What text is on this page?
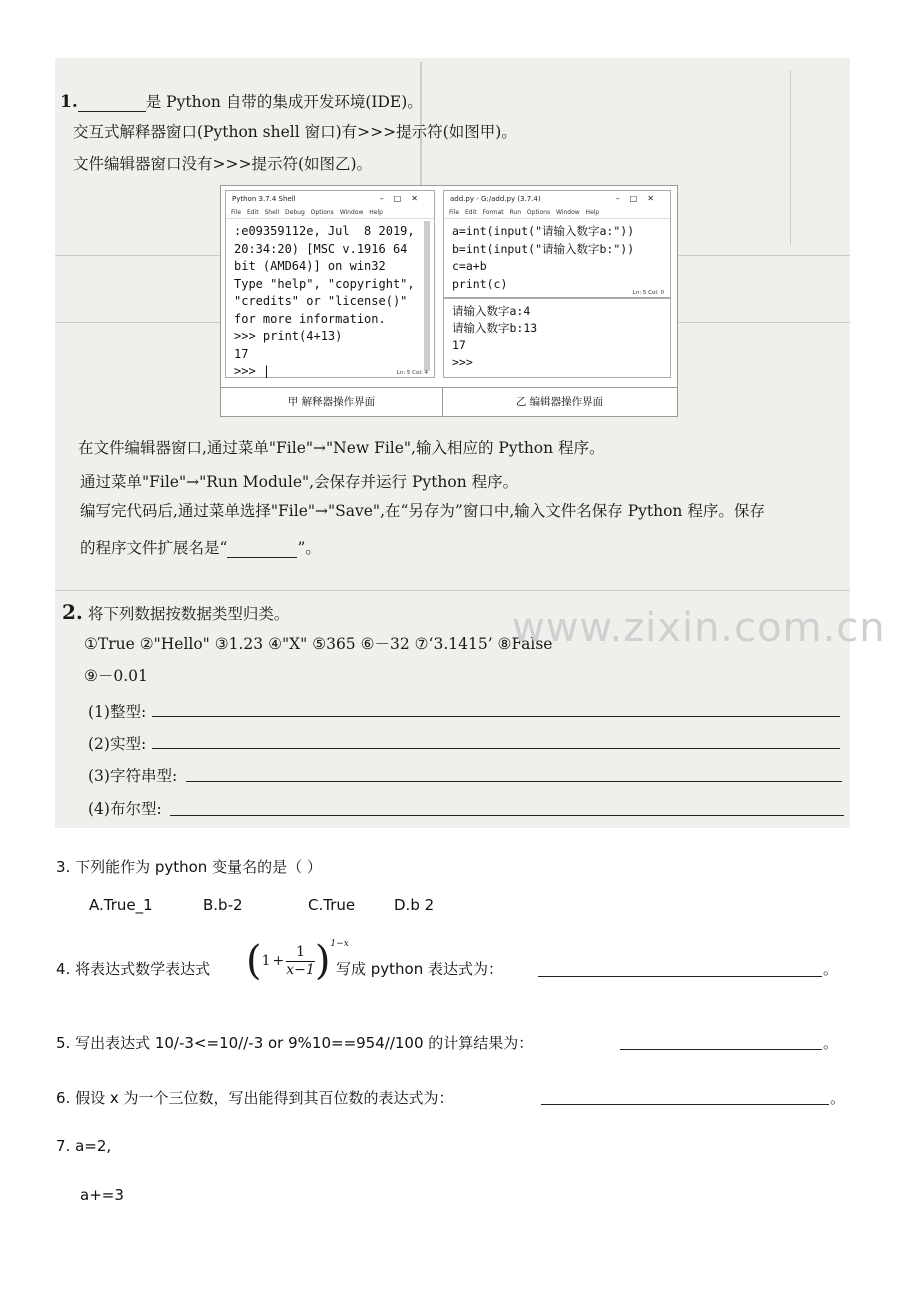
1.	是 Python 自带的集成开发环境(IDE)。
交互式解释器窗口(Python shell 窗口)有>>>提示符(如图甲)。
文件编辑器窗口没有>>>提示符(如图乙)。
Python 3.7.4 Shell	–□✕
File Edit Shell Debug Options Window Help
:e09359112e, Jul  8 2019,
20:34:20) [MSC v.1916 64
bit (AMD64)] on win32
Type "help", "copyright",
"credits" or "license()"
for more information.
>>> print(4+13)
17
>>> |	Ln: 5 Col: 4
甲 解释器操作界面
add.py - G:/add.py (3.7.4)	–□✕
File Edit Format Run Options Window Help
a=int(input("请输入数字a:"))
b=int(input("请输入数字b:"))
c=a+b
print(c)
Ln: 5 Col: 0
请输入数字a:4
请输入数字b:13
17
>>>
乙 编辑器操作界面
在文件编辑器窗口,通过菜单"File"→"New File",输入相应的 Python 程序。
通过菜单"File"→"Run Module",会保存并运行 Python 程序。
编写完代码后,通过菜单选择"File"→"Save",在“另存为”窗口中,输入文件名保存 Python 程序。保存
的程序文件扩展名是“	”。
2. 将下列数据按数据类型归类。
①True ②"Hello" ③1.23 ④"X" ⑤365 ⑥－32 ⑦‘3.1415’ ⑧False
⑨－0.01
(1)整型:
(2)实型:
(3)字符串型:
(4)布尔型:
www.zixin.com.cn
3. 下列能作为 python 变量名的是（ ）
A.True_1	B.b-2	C.True	D.b 2
4. 将表达式数学表达式 $(1 + \frac{1}{x-1} )^{1-x}$
写成 python 表达式为：	。
5. 写出表达式 10/-3<=10//-3 or 9%10==954//100 的计算结果为：	。
6. 假设 x 为一个三位数，写出能得到其百位数的表达式为：	。
7. a=2,
a+=3
